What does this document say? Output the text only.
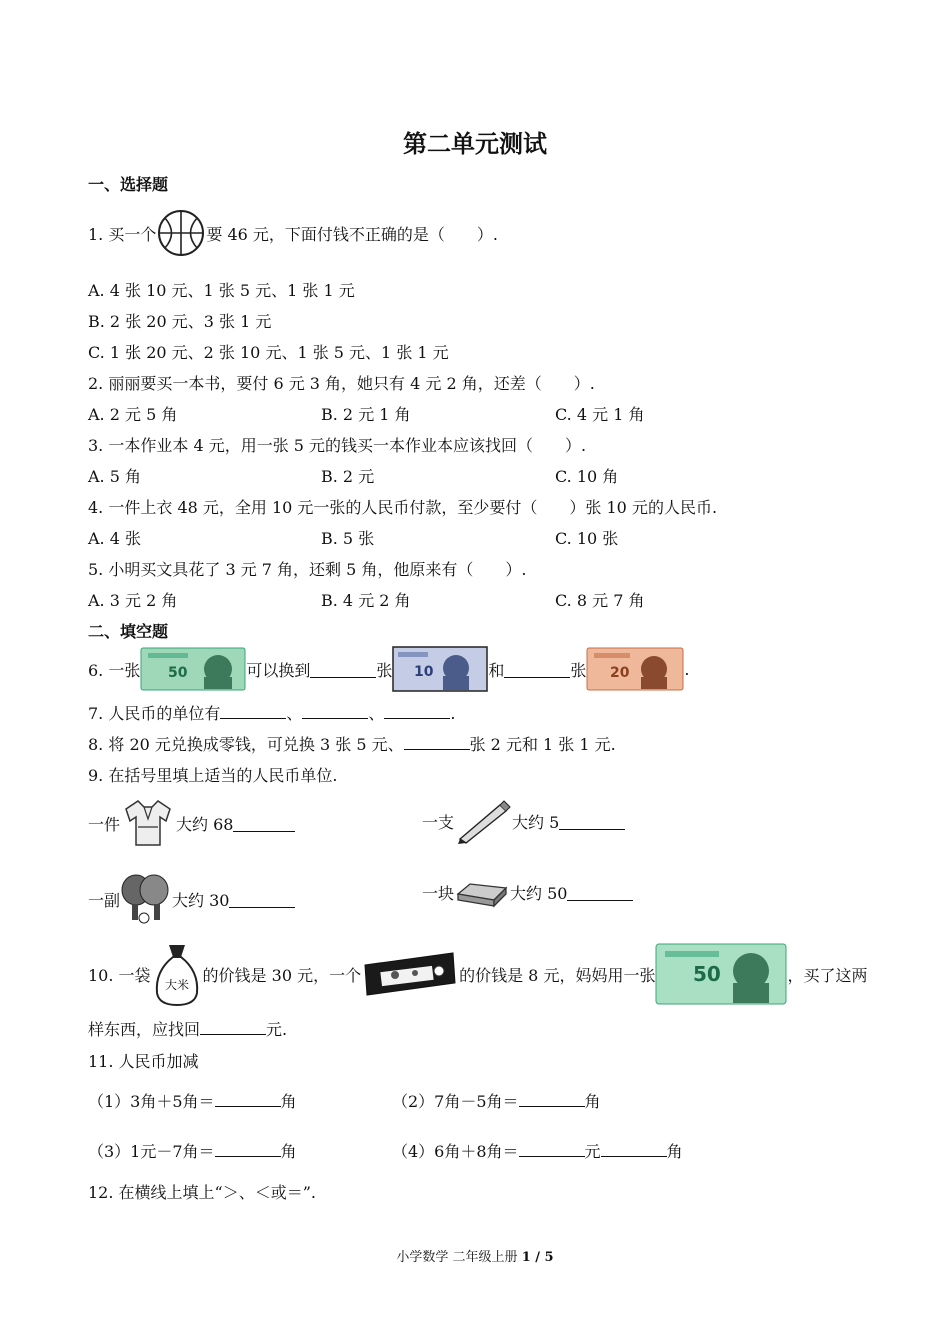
第二单元测试
一、选择题
1. 买一个	要 46 元，下面付钱不正确的是（　　）.
A. 4 张 10 元、1 张 5 元、1 张 1 元
B. 2 张 20 元、3 张 1 元
C. 1 张 20 元、2 张 10 元、1 张 5 元、1 张 1 元
2. 丽丽要买一本书，要付 6 元 3 角，她只有 4 元 2 角，还差（　　）.
A. 2 元 5 角	B. 2 元 1 角	C. 4 元 1 角
3. 一本作业本 4 元，用一张 5 元的钱买一本作业本应该找回（　　）.
A. 5 角	B. 2 元	C. 10 角
4. 一件上衣 48 元，全用 10 元一张的人民币付款，至少要付（　　）张 10 元的人民币.
A. 4 张	B. 5 张	C. 10 张
5. 小明买文具花了 3 元 7 角，还剩 5 角，他原来有（　　）.
A. 3 元 2 角	B. 4 元 2 角	C. 8 元 7 角
二、填空题
6. 一张 50	可以换到	张 10	和	张 20	.
7. 人民币的单位有	、	、	.
8. 将 20 元兑换成零钱，可兑换 3 张 5 元、	张 2 元和 1 张 1 元.
9. 在括号里填上适当的人民币单位.
一件	大约 68	一支	大约 5
一副	大约 30	一块	大约 50
10. 一袋
大米
的价钱是 30 元，一个	的价钱是 8 元，妈妈用一张 50	，买了这两
样东西，应找回	元.
11. 人民币加减
（1）3角＋5角＝	角	（2）7角－5角＝	角
（3）1元－7角＝	角	（4）6角＋8角＝	元	角
12. 在横线上填上“＞、＜或＝”.
小学数学 二年级上册 1 / 5
